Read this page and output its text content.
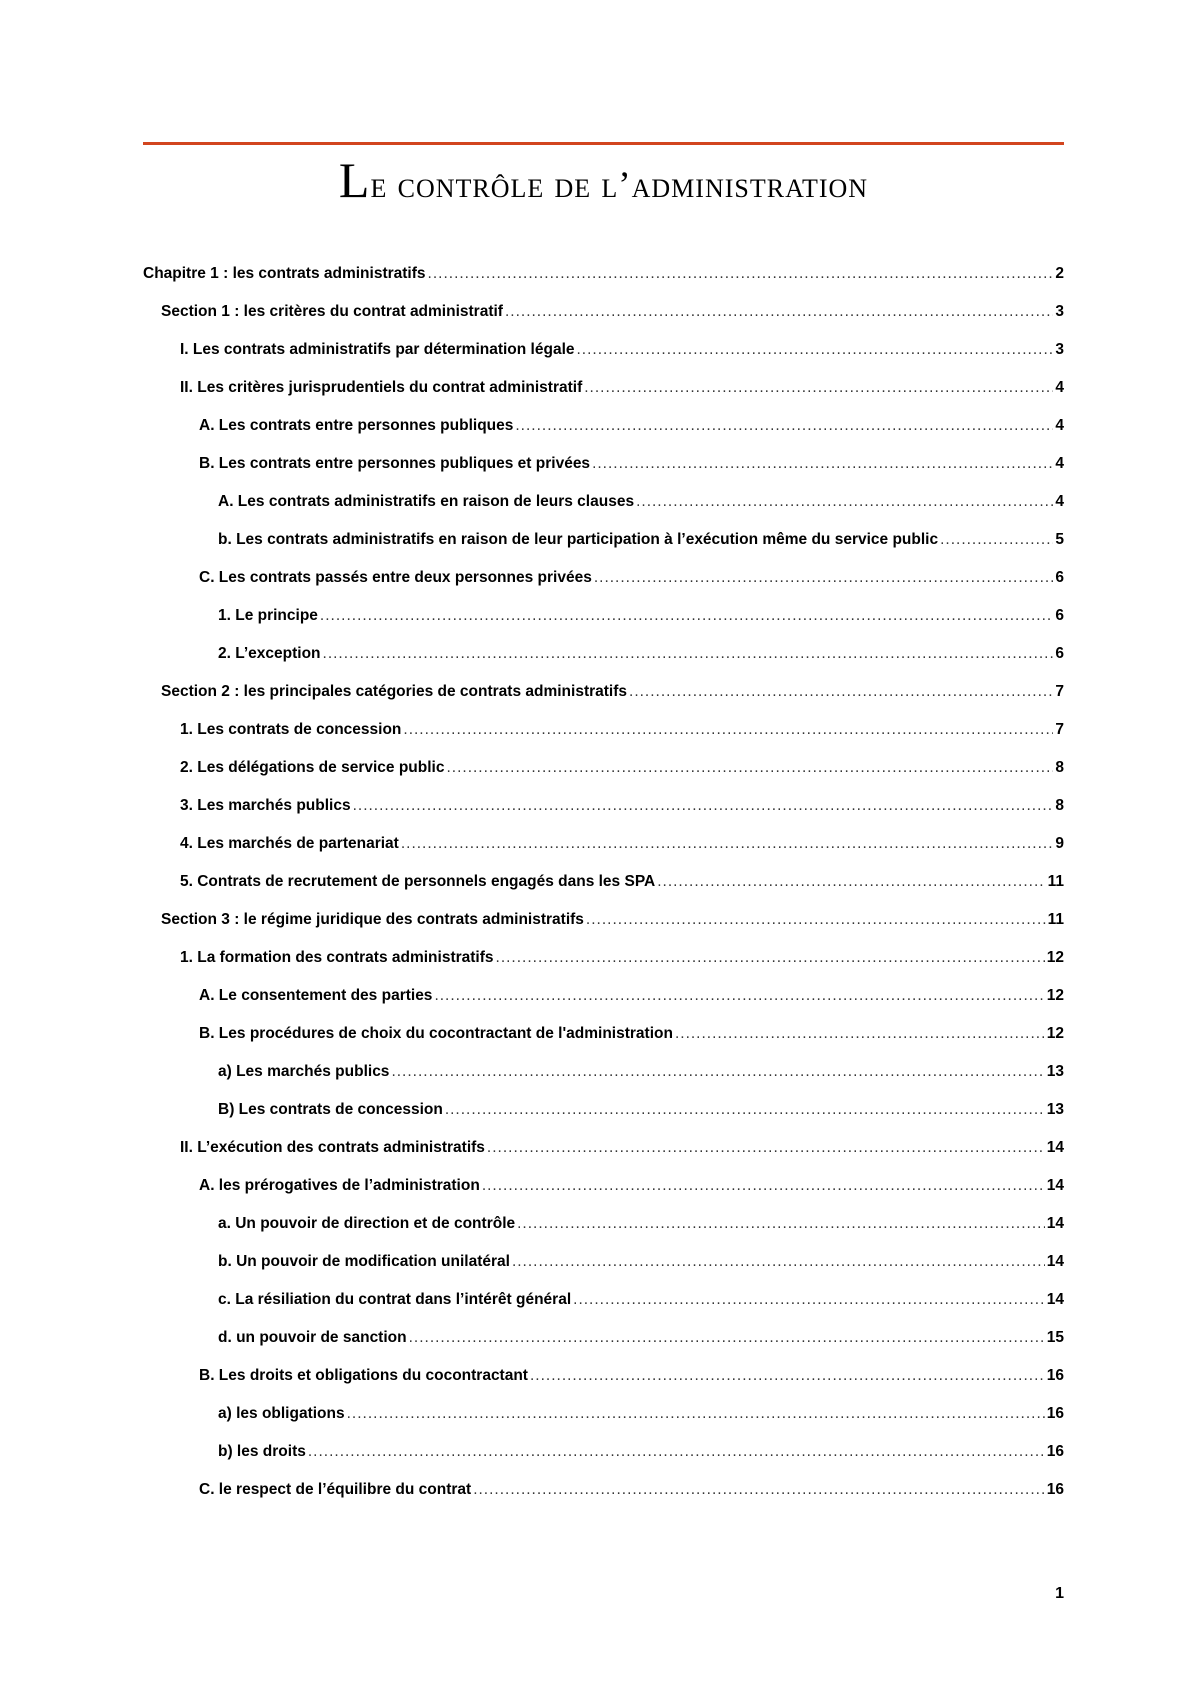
Le contrôle de l’administration
Chapitre 1 : les contrats administratifs .....	2
Section 1 : les critères du contrat administratif .....	3
I. Les contrats administratifs par détermination légale .....	3
II. Les critères jurisprudentiels du contrat administratif .....	4
A. Les contrats entre personnes publiques .....	4
B. Les contrats entre personnes publiques et privées .....	4
A. Les contrats administratifs en raison de leurs clauses .....	4
b. Les contrats administratifs en raison de leur participation à l’exécution même du service public .....	5
C. Les contrats passés entre deux personnes privées .....	6
1. Le principe .....	6
2. L’exception .....	6
Section 2 : les principales catégories de contrats administratifs .....	7
1. Les contrats de concession .....	7
2. Les délégations de service public .....	8
3. Les marchés publics .....	8
4. Les marchés de partenariat .....	9
5. Contrats de recrutement de personnels engagés dans les SPA .....	11
Section 3 : le régime juridique des contrats administratifs .....	11
1. La formation des contrats administratifs .....	12
A. Le consentement des parties .....	12
B. Les procédures de choix du cocontractant de l'administration .....	12
a) Les marchés publics .....	13
B) Les contrats de concession .....	13
II. L’exécution des contrats administratifs .....	14
A. les prérogatives de l’administration .....	14
a. Un pouvoir de direction et de contrôle .....	14
b. Un pouvoir de modification unilatéral .....	14
c. La résiliation du contrat dans l’intérêt général .....	14
d. un pouvoir de sanction .....	15
B. Les droits et obligations du cocontractant .....	16
a) les obligations .....	16
b) les droits .....	16
C. le respect de l’équilibre du contrat .....	16
1
